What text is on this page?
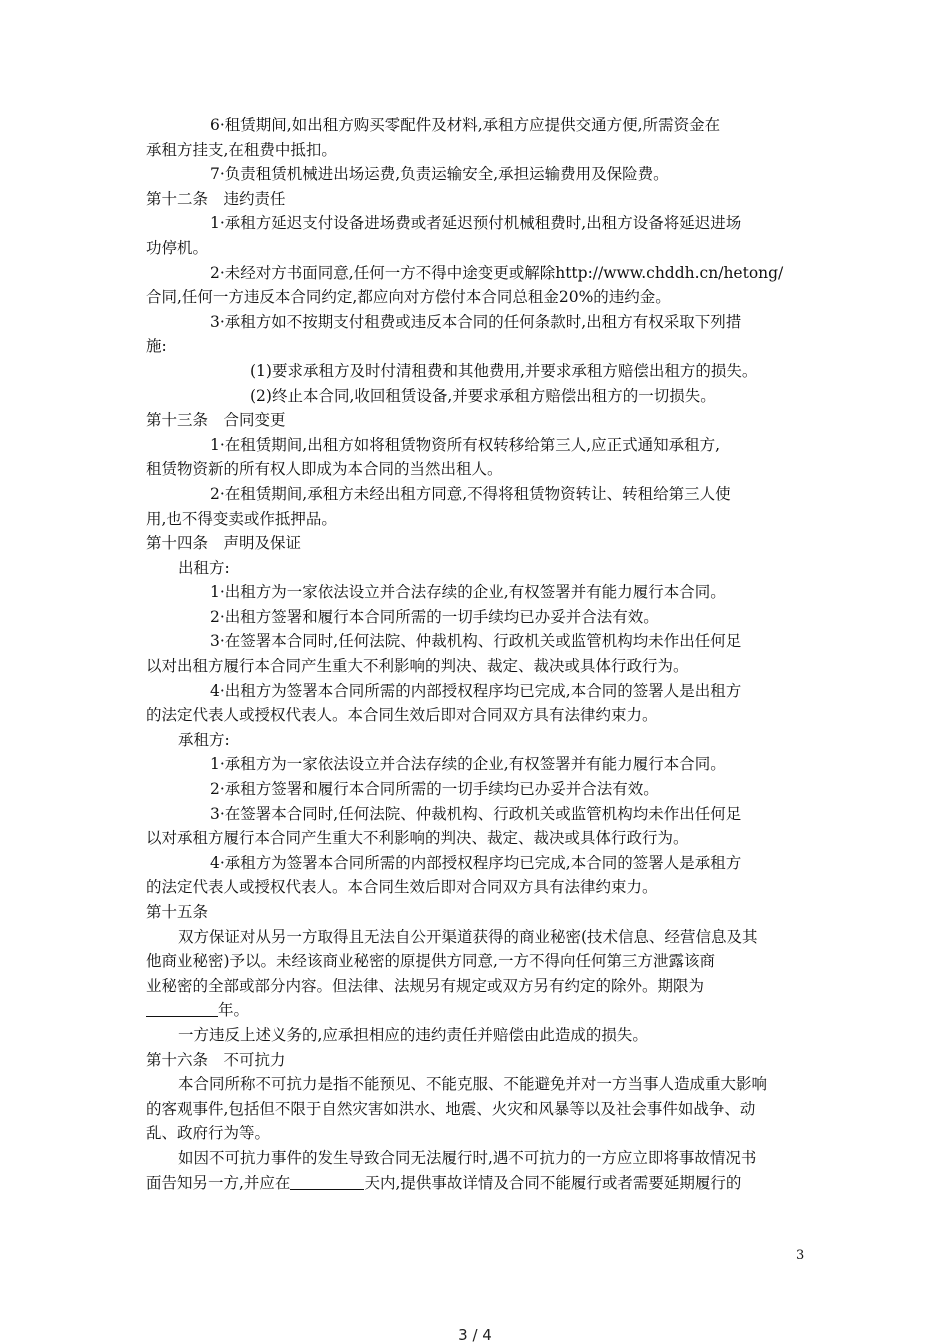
6·租赁期间,如出租方购买零配件及材料,承租方应提供交通方便,所需资金在
承租方挂支,在租费中抵扣。
7·负责租赁机械进出场运费,负责运输安全,承担运输费用及保险费。
第十二条　违约责任
1·承租方延迟支付设备进场费或者延迟预付机械租费时,出租方设备将延迟进场
功停机。
2·未经对方书面同意,任何一方不得中途变更或解除http://www.chddh.cn/hetong/
合同,任何一方违反本合同约定,都应向对方偿付本合同总租金20%的违约金。
3·承租方如不按期支付租费或违反本合同的任何条款时,出租方有权采取下列措
施:
(1)要求承租方及时付清租费和其他费用,并要求承租方赔偿出租方的损失。
(2)终止本合同,收回租赁设备,并要求承租方赔偿出租方的一切损失。
第十三条　合同变更
1·在租赁期间,出租方如将租赁物资所有权转移给第三人,应正式通知承租方,
租赁物资新的所有权人即成为本合同的当然出租人。
2·在租赁期间,承租方未经出租方同意,不得将租赁物资转让、转租给第三人使
用,也不得变卖或作抵押品。
第十四条　声明及保证
出租方:
1·出租方为一家依法设立并合法存续的企业,有权签署并有能力履行本合同。
2·出租方签署和履行本合同所需的一切手续均已办妥并合法有效。
3·在签署本合同时,任何法院、仲裁机构、行政机关或监管机构均未作出任何足
以对出租方履行本合同产生重大不利影响的判决、裁定、裁决或具体行政行为。
4·出租方为签署本合同所需的内部授权程序均已完成,本合同的签署人是出租方
的法定代表人或授权代表人。本合同生效后即对合同双方具有法律约束力。
承租方:
1·承租方为一家依法设立并合法存续的企业,有权签署并有能力履行本合同。
2·承租方签署和履行本合同所需的一切手续均已办妥并合法有效。
3·在签署本合同时,任何法院、仲裁机构、行政机关或监管机构均未作出任何足
以对承租方履行本合同产生重大不利影响的判决、裁定、裁决或具体行政行为。
4·承租方为签署本合同所需的内部授权程序均已完成,本合同的签署人是承租方
的法定代表人或授权代表人。本合同生效后即对合同双方具有法律约束力。
第十五条
双方保证对从另一方取得且无法自公开渠道获得的商业秘密(技术信息、经营信息及其
他商业秘密)予以。未经该商业秘密的原提供方同意,一方不得向任何第三方泄露该商
业秘密的全部或部分内容。但法律、法规另有规定或双方另有约定的除外。期限为
年。
一方违反上述义务的,应承担相应的违约责任并赔偿由此造成的损失。
第十六条　不可抗力
本合同所称不可抗力是指不能预见、不能克服、不能避免并对一方当事人造成重大影响
的客观事件,包括但不限于自然灾害如洪水、地震、火灾和风暴等以及社会事件如战争、动
乱、政府行为等。
如因不可抗力事件的发生导致合同无法履行时,遇不可抗力的一方应立即将事故情况书
面告知另一方,并应在	天内,提供事故详情及合同不能履行或者需要延期履行的
3
3 / 4
